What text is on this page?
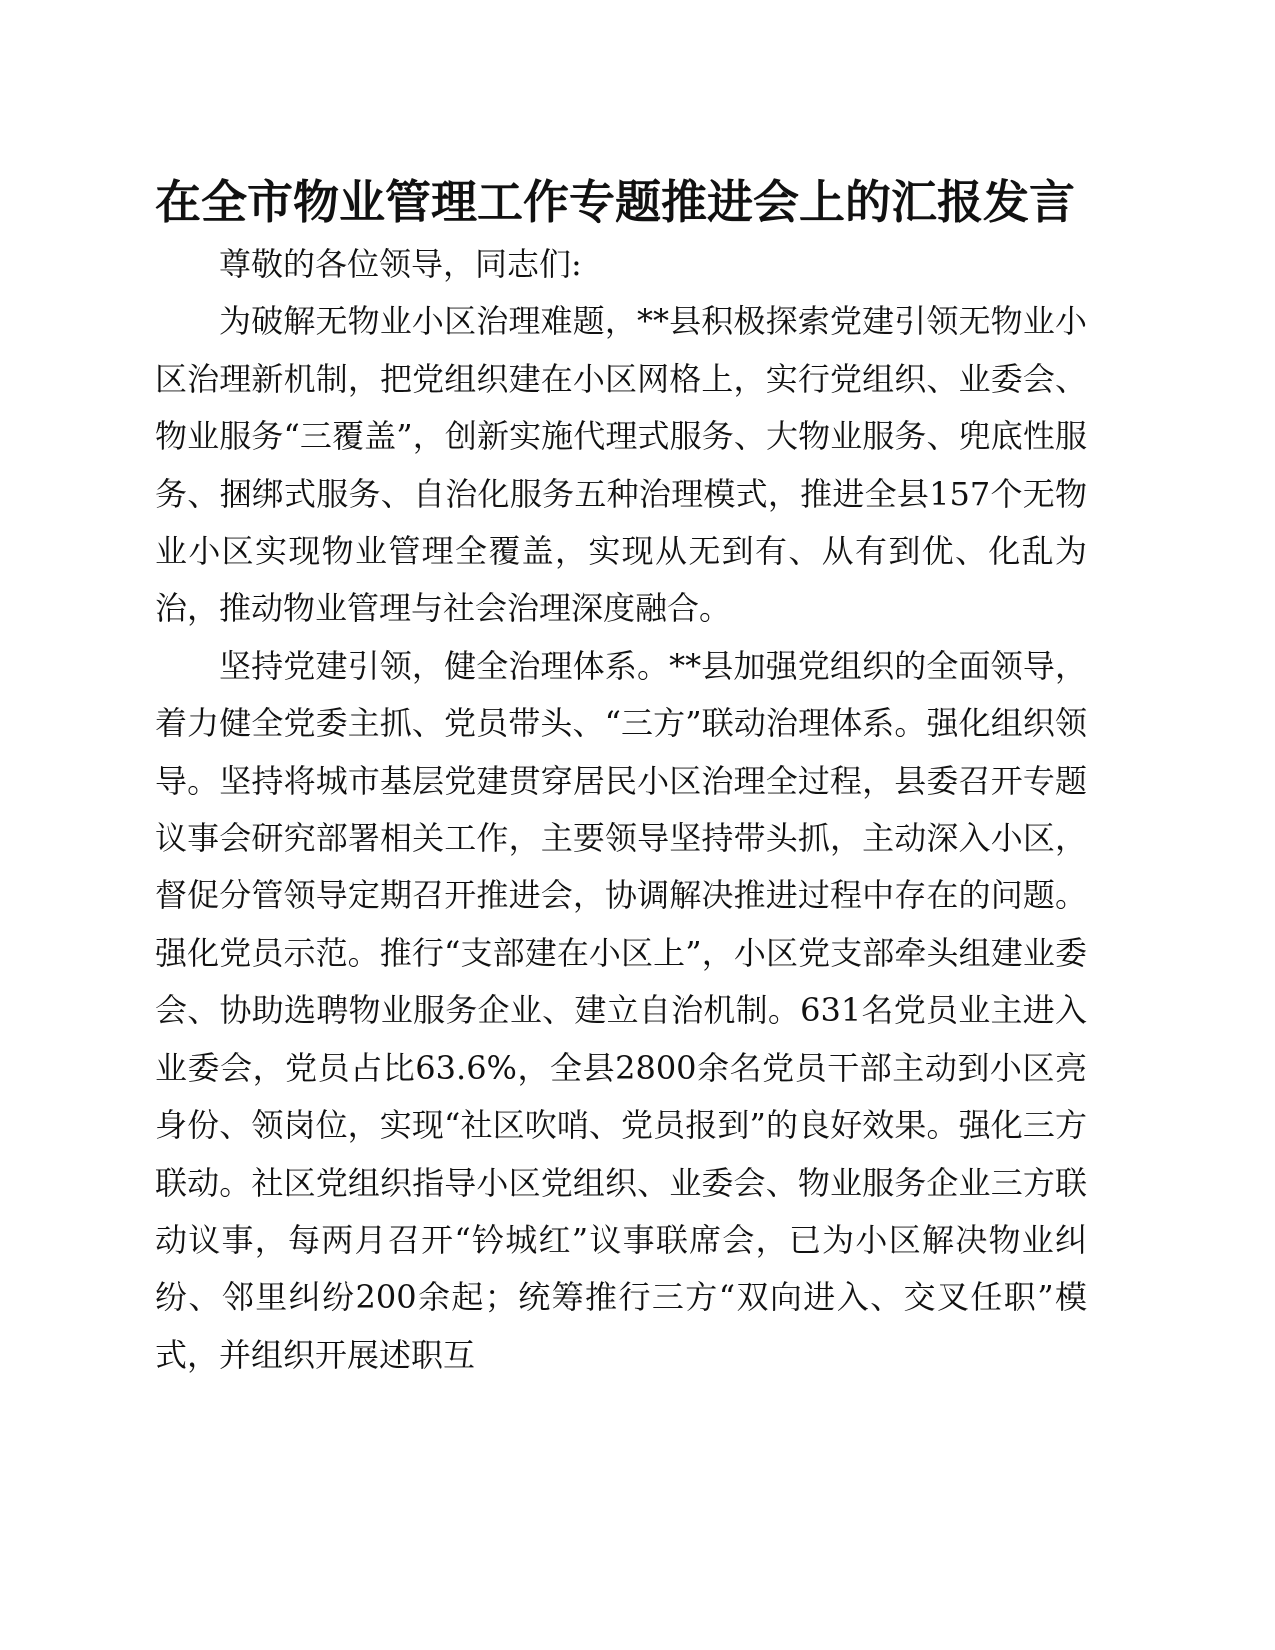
在全市物业管理工作专题推进会上的汇报发言

尊敬的各位领导，同志们:

为破解无物业小区治理难题，**县积极探索党建引领无物业小区治理新机制，把党组织建在小区网格上，实行党组织、业委会、物业服务“三覆盖”，创新实施代理式服务、大物业服务、兜底性服务、捆绑式服务、自治化服务五种治理模式，推进全县157个无物业小区实现物业管理全覆盖，实现从无到有、从有到优、化乱为治，推动物业管理与社会治理深度融合。

坚持党建引领，健全治理体系。**县加强党组织的全面领导，着力健全党委主抓、党员带头、“三方”联动治理体系。强化组织领导。坚持将城市基层党建贯穿居民小区治理全过程，县委召开专题议事会研究部署相关工作，主要领导坚持带头抓，主动深入小区，督促分管领导定期召开推进会，协调解决推进过程中存在的问题。强化党员示范。推行“支部建在小区上”，小区党支部牵头组建业委会、协助选聘物业服务企业、建立自治机制。631名党员业主进入业委会，党员占比63.6%，全县2800余名党员干部主动到小区亮身份、领岗位，实现“社区吹哨、党员报到”的良好效果。强化三方联动。社区党组织指导小区党组织、业委会、物业服务企业三方联动议事，每两月召开“钤城红”议事联席会，已为小区解决物业纠纷、邻里纠纷200余起；统筹推行三方“双向进入、交叉任职”模式，并组织开展述职互
